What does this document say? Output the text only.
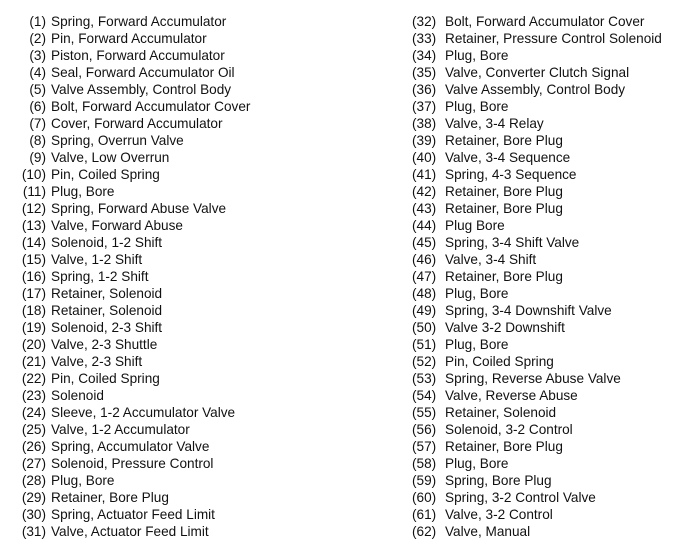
(1) Spring, Forward Accumulator
(2) Pin, Forward Accumulator
(3) Piston, Forward Accumulator
(4) Seal, Forward Accumulator Oil
(5) Valve Assembly, Control Body
(6) Bolt, Forward Accumulator Cover
(7) Cover, Forward Accumulator
(8) Spring, Overrun Valve
(9) Valve, Low Overrun
(10) Pin, Coiled Spring
(11) Plug, Bore
(12) Spring, Forward Abuse Valve
(13) Valve, Forward Abuse
(14) Solenoid, 1-2 Shift
(15) Valve, 1-2 Shift
(16) Spring, 1-2 Shift
(17) Retainer, Solenoid
(18) Retainer, Solenoid
(19) Solenoid, 2-3 Shift
(20) Valve, 2-3 Shuttle
(21) Valve, 2-3 Shift
(22) Pin, Coiled Spring
(23) Solenoid
(24) Sleeve, 1-2 Accumulator Valve
(25) Valve, 1-2 Accumulator
(26) Spring, Accumulator Valve
(27) Solenoid, Pressure Control
(28) Plug, Bore
(29) Retainer, Bore Plug
(30) Spring, Actuator Feed Limit
(31) Valve, Actuator Feed Limit
(32) Bolt, Forward Accumulator Cover
(33) Retainer, Pressure Control Solenoid
(34) Plug, Bore
(35) Valve, Converter Clutch Signal
(36) Valve Assembly, Control Body
(37) Plug, Bore
(38) Valve, 3-4 Relay
(39) Retainer, Bore Plug
(40) Valve, 3-4 Sequence
(41) Spring, 4-3 Sequence
(42) Retainer, Bore Plug
(43) Retainer, Bore Plug
(44) Plug Bore
(45) Spring, 3-4 Shift Valve
(46) Valve, 3-4 Shift
(47) Retainer, Bore Plug
(48) Plug, Bore
(49) Spring, 3-4 Downshift Valve
(50) Valve 3-2 Downshift
(51) Plug, Bore
(52) Pin, Coiled Spring
(53) Spring, Reverse Abuse Valve
(54) Valve, Reverse Abuse
(55) Retainer, Solenoid
(56) Solenoid, 3-2 Control
(57) Retainer, Bore Plug
(58) Plug, Bore
(59) Spring, Bore Plug
(60) Spring, 3-2 Control Valve
(61) Valve, 3-2 Control
(62) Valve, Manual
